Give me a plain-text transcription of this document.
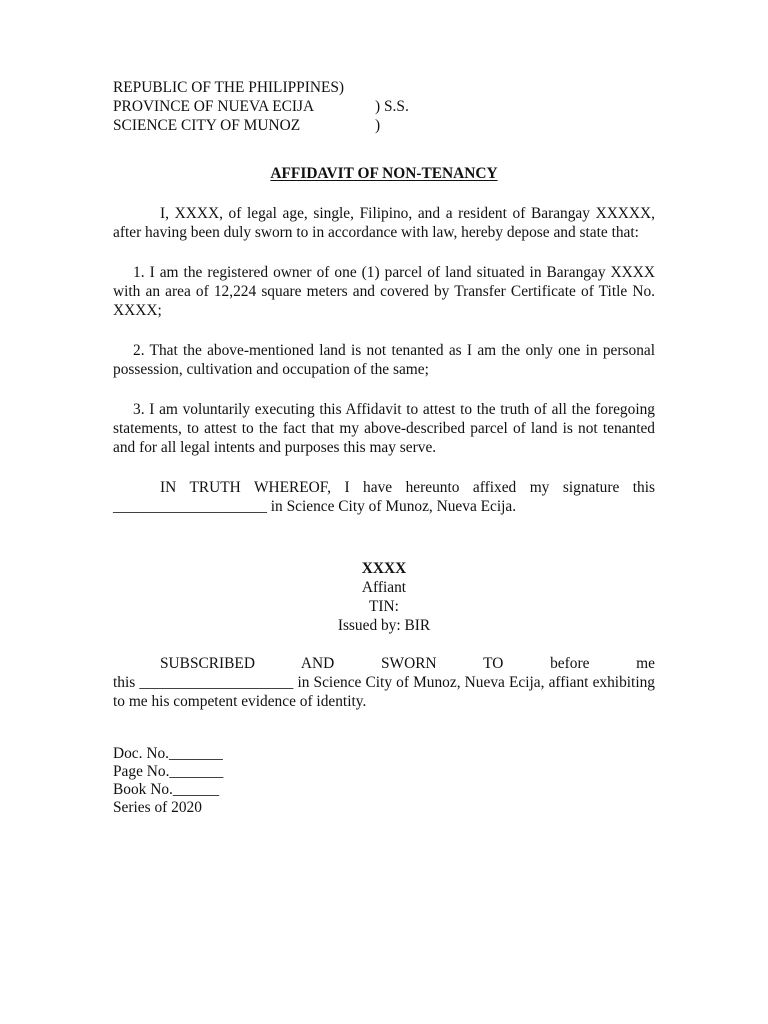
REPUBLIC OF THE PHILIPPINES)
PROVINCE OF NUEVA ECIJA	) S.S.
SCIENCE CITY OF MUNOZ	)
AFFIDAVIT OF NON-TENANCY
I, XXXX, of legal age, single, Filipino, and a resident of Barangay XXXXX, after having been duly sworn to in accordance with law, hereby depose and state that:
1. I am the registered owner of one (1) parcel of land situated in Barangay XXXX with an area of 12,224 square meters and covered by Transfer Certificate of Title No. XXXX;
2. That the above-mentioned land is not tenanted as I am the only one in personal possession, cultivation and occupation of the same;
3. I am voluntarily executing this Affidavit to attest to the truth of all the foregoing statements, to attest to the fact that my above-described parcel of land is not tenanted and for all legal intents and purposes this may serve.
IN TRUTH WHEREOF, I have hereunto affixed my signature this ____________________ in Science City of Munoz, Nueva Ecija.
XXXX
Affiant
TIN:
Issued by: BIR
SUBSCRIBED AND SWORN TO before me this ____________________ in Science City of Munoz, Nueva Ecija, affiant exhibiting to me his competent evidence of identity.
Doc. No._______
Page No._______
Book No.______
Series of 2020
